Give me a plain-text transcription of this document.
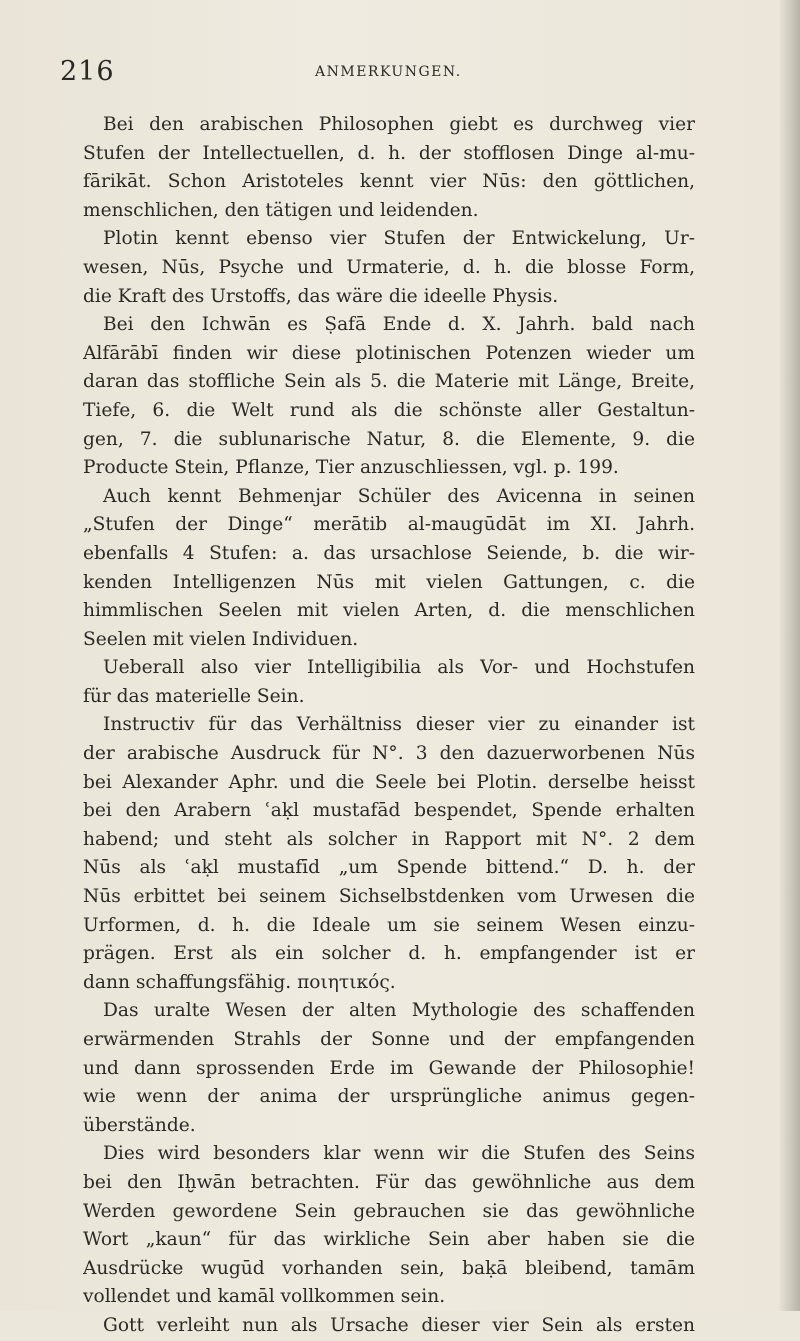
216	ANMERKUNGEN.
Bei den arabischen Philosophen giebt es durchweg vier
Stufen der Intellectuellen, d. h. der stofflosen Dinge al-mu-
fārikāt. Schon Aristoteles kennt vier Nūs: den göttlichen,
menschlichen, den tätigen und leidenden.
Plotin kennt ebenso vier Stufen der Entwickelung, Ur-
wesen, Nūs, Psyche und Urmaterie, d. h. die blosse Form,
die Kraft des Urstoffs, das wäre die ideelle Physis.
Bei den Ichwān es Ṣafā Ende d. X. Jahrh. bald nach
Alfārābī finden wir diese plotinischen Potenzen wieder um
daran das stoffliche Sein als 5. die Materie mit Länge, Breite,
Tiefe, 6. die Welt rund als die schönste aller Gestaltun-
gen, 7. die sublunarische Natur, 8. die Elemente, 9. die
Producte Stein, Pflanze, Tier anzuschliessen, vgl. p. 199.
Auch kennt Behmenjar Schüler des Avicenna in seinen
„Stufen der Dinge“ merātib al-maugūdāt im XI. Jahrh.
ebenfalls 4 Stufen: a. das ursachlose Seiende, b. die wir-
kenden Intelligenzen Nūs mit vielen Gattungen, c. die
himmlischen Seelen mit vielen Arten, d. die menschlichen
Seelen mit vielen Individuen.
Ueberall also vier Intelligibilia als Vor- und Hochstufen
für das materielle Sein.
Instructiv für das Verhältniss dieser vier zu einander ist
der arabische Ausdruck für N°. 3 den dazuerworbenen Nūs
bei Alexander Aphr. und die Seele bei Plotin. derselbe heisst
bei den Arabern ʿaḳl mustafād bespendet, Spende erhalten
habend; und steht als solcher in Rapport mit N°. 2 dem
Nūs als ʿaḳl mustafīd „um Spende bittend.“ D. h. der
Nūs erbittet bei seinem Sichselbstdenken vom Urwesen die
Urformen, d. h. die Ideale um sie seinem Wesen einzu-
prägen. Erst als ein solcher d. h. empfangender ist er
dann schaffungsfähig. ποιητικός.
Das uralte Wesen der alten Mythologie des schaffenden
erwärmenden Strahls der Sonne und der empfangenden
und dann sprossenden Erde im Gewande der Philosophie!
wie wenn der anima der ursprüngliche animus gegen-
überstände.
Dies wird besonders klar wenn wir die Stufen des Seins
bei den Iḫwān betrachten. Für das gewöhnliche aus dem
Werden gewordene Sein gebrauchen sie das gewöhnliche
Wort „kaun“ für das wirkliche Sein aber haben sie die
Ausdrücke wugūd vorhanden sein, baḳā bleibend, tamām
vollendet und kamāl vollkommen sein.
Gott verleiht nun als Ursache dieser vier Sein als ersten
